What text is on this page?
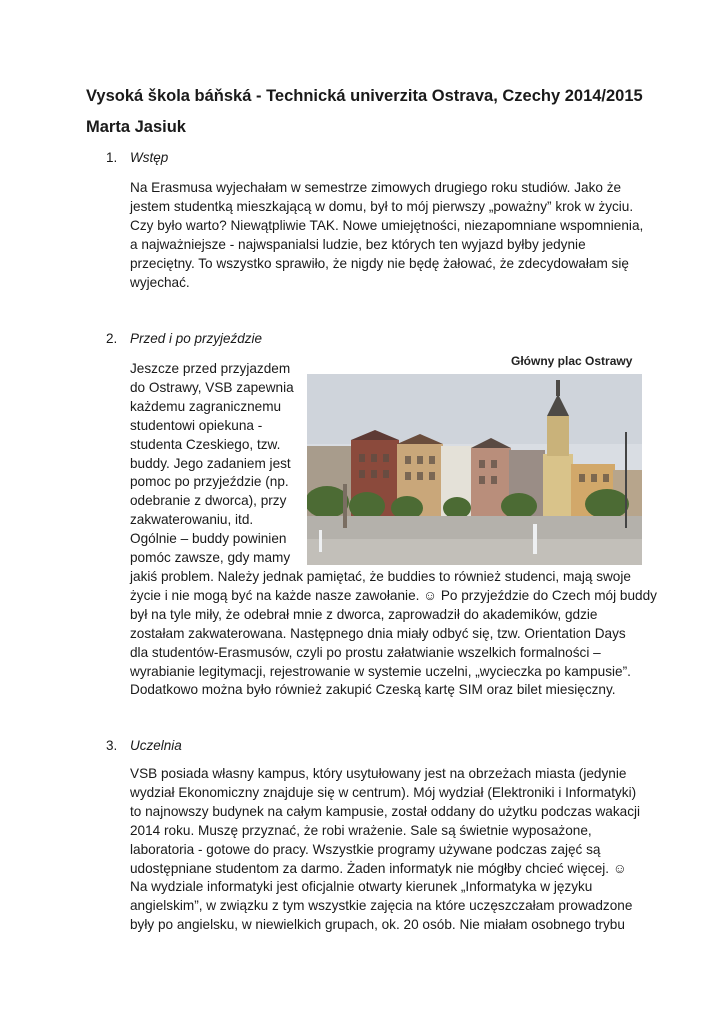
Vysoká škola báňská - Technická univerzita Ostrava, Czechy 2014/2015
Marta Jasiuk
1. Wstęp
Na Erasmusa wyjechałam w semestrze zimowych drugiego roku studiów. Jako że
jestem studentką mieszkającą w domu, był to mój pierwszy „poważny” krok w życiu.
Czy było warto? Niewątpliwie TAK. Nowe umiejętności, niezapomniane wspomnienia,
a najważniejsze - najwspanialsi ludzie, bez których ten wyjazd byłby jedynie
przeciętny. To wszystko sprawiło, że nigdy nie będę żałować, że zdecydowałam się
wyjechać.
2. Przed i po przyjeździe
Jeszcze przed przyjazdem
do Ostrawy, VSB zapewnia
każdemu zagranicznemu
studentowi opiekuna -
studenta Czeskiego, tzw.
buddy. Jego zadaniem jest
pomoc po przyjeździe (np.
odebranie z dworca), przy
zakwaterowaniu, itd.
Ogólnie – buddy powinien
pomóc zawsze, gdy mamy
jakiś problem. Należy jednak pamiętać, że buddies to również studenci, mają swoje
życie i nie mogą być na każde nasze zawołanie. ☺ Po przyjeździe do Czech mój buddy
był na tyle miły, że odebrał mnie z dworca, zaprowadził do akademików, gdzie
zostałam zakwaterowana. Następnego dnia miały odbyć się, tzw. Orientation Days
dla studentów-Erasmusów, czyli po prostu załatwianie wszelkich formalności –
wyrabianie legitymacji, rejestrowanie w systemie uczelni, „wycieczka po kampusie”.
Dodatkowo można było również zakupić Czeską kartę SIM oraz bilet miesięczny.
Główny plac Ostrawy
3. Uczelnia
VSB posiada własny kampus, który usytułowany jest na obrzeżach miasta (jedynie
wydział Ekonomiczny znajduje się w centrum). Mój wydział (Elektroniki i Informatyki)
to najnowszy budynek na całym kampusie, został oddany do użytku podczas wakacji
2014 roku. Muszę przyznać, że robi wrażenie. Sale są świetnie wyposażone,
laboratoria - gotowe do pracy. Wszystkie programy używane podczas zajęć są
udostępniane studentom za darmo. Żaden informatyk nie mógłby chcieć więcej. ☺
Na wydziale informatyki jest oficjalnie otwarty kierunek „Informatyka w języku
angielskim”, w związku z tym wszystkie zajęcia na które uczęszczałam prowadzone
były po angielsku, w niewielkich grupach, ok. 20 osób. Nie miałam osobnego trybu
